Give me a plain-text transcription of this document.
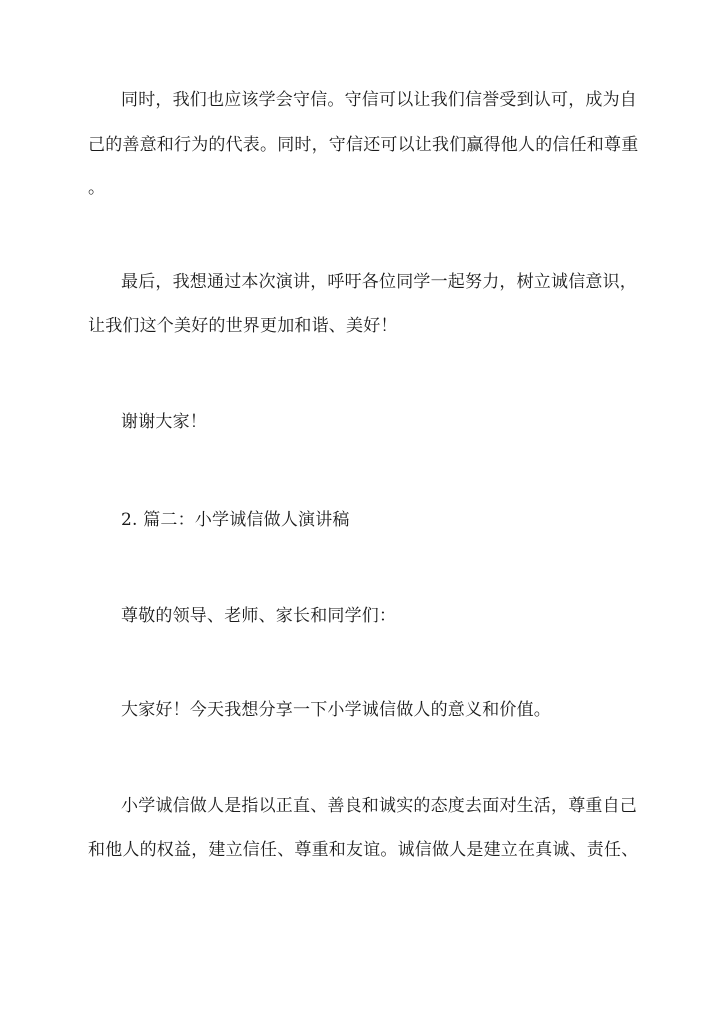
同时，我们也应该学会守信。守信可以让我们信誉受到认可，成为自
己的善意和行为的代表。同时，守信还可以让我们赢得他人的信任和尊重
。
最后，我想通过本次演讲，呼吁各位同学一起努力，树立诚信意识，
让我们这个美好的世界更加和谐、美好！
谢谢大家！
2. 篇二：小学诚信做人演讲稿
尊敬的领导、老师、家长和同学们：
大家好！今天我想分享一下小学诚信做人的意义和价值。
小学诚信做人是指以正直、善良和诚实的态度去面对生活，尊重自己
和他人的权益，建立信任、尊重和友谊。诚信做人是建立在真诚、责任、
